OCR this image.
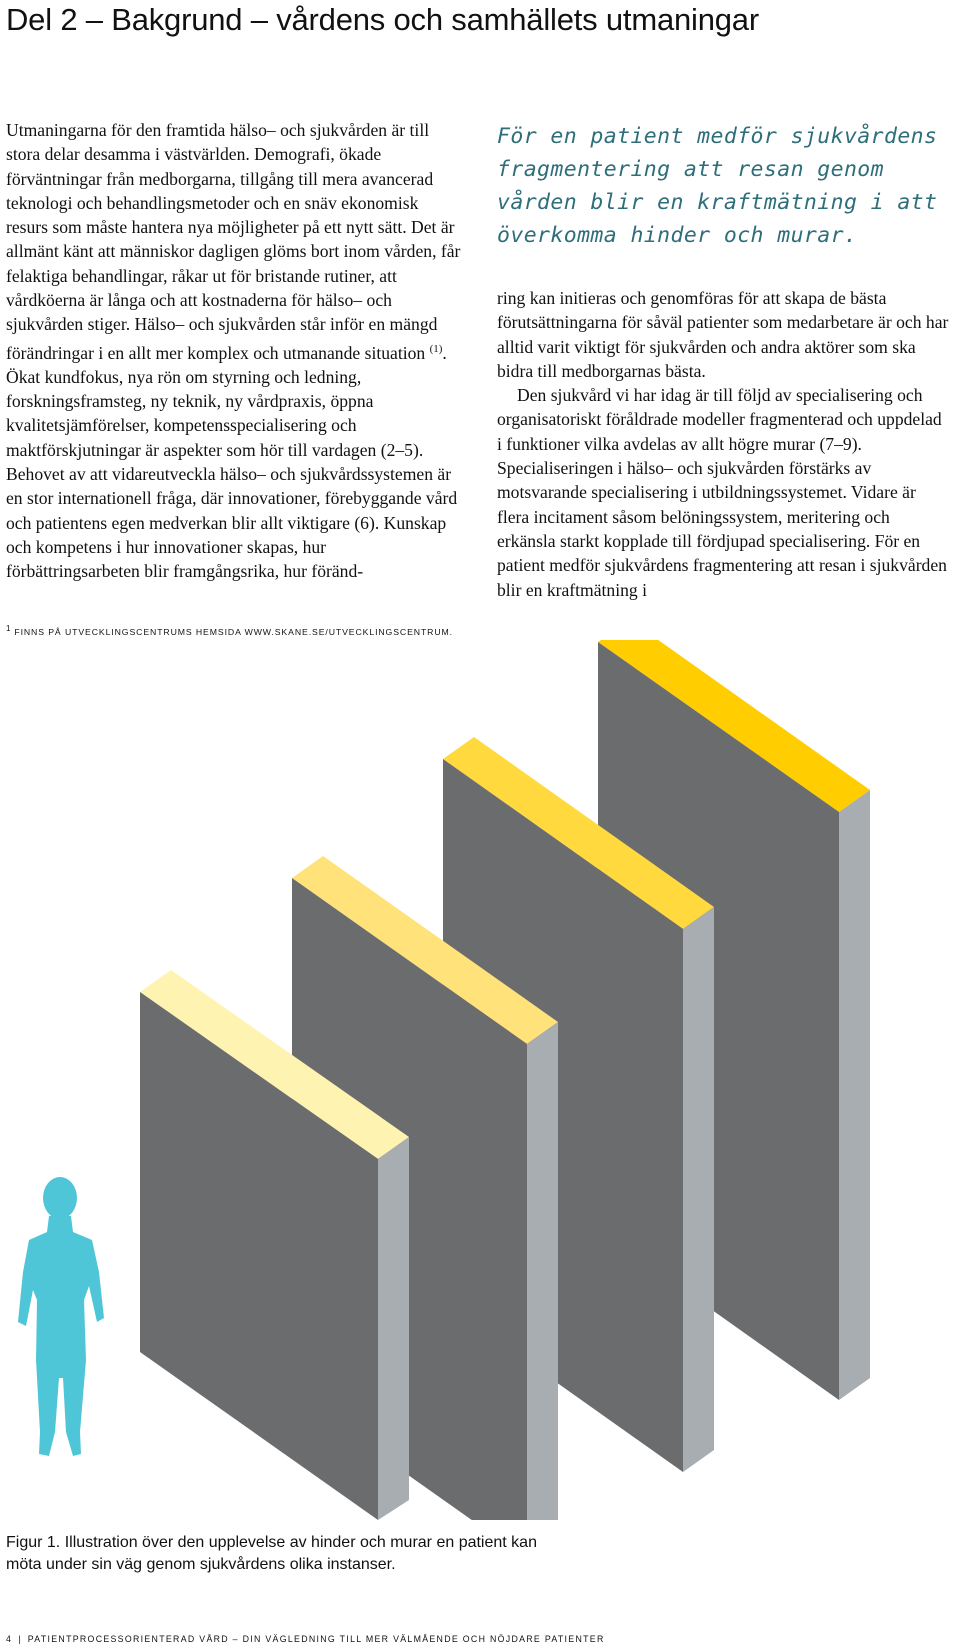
Del 2 – Bakgrund – vårdens och samhällets utmaningar

Utmaningarna för den framtida hälso– och sjukvården är till stora delar desamma i västvärlden. Demografi, ökade förväntningar från medborgarna, tillgång till mera avancerad teknologi och behandlingsmetoder och en snäv ekonomisk resurs som måste hantera nya möjligheter på ett nytt sätt. Det är allmänt känt att människor dagligen glöms bort inom vården, får felaktiga behandlingar, råkar ut för bristande rutiner, att vårdköerna är långa och att kostnaderna för hälso– och sjukvården stiger. Hälso– och sjukvården står inför en mängd förändringar i en allt mer komplex och utmanande situation $^{(1)}$. Ökat kundfokus, nya rön om styrning och ledning, forskningsframsteg, ny teknik, ny vårdpraxis, öppna kvalitetsjämförelser, kompetensspecialisering och maktförskjutningar är aspekter som hör till vardagen (2–5). Behovet av att vidareutveckla hälso– och sjukvårdssystemen är en stor internationell fråga, där innovationer, förebyggande vård och patientens egen medverkan blir allt viktigare (6). Kunskap och kompetens i hur innovationer skapas, hur förbättringsarbeten blir framgångsrika, hur föränd-

För en patient medför sjukvårdens fragmentering att resan genom vården blir en kraftmätning i att överkomma hinder och murar.

ring kan initieras och genomföras för att skapa de bästa förutsättningarna för såväl patienter som medarbetare är och har alltid varit viktigt för sjukvården och andra aktörer som ska bidra till medborgarnas bästa.

Den sjukvård vi har idag är till följd av specialisering och organisatoriskt föråldrade modeller fragmenterad och uppdelad i funktioner vilka avdelas av allt högre murar (7–9). Specialiseringen i hälso– och sjukvården förstärks av motsvarande specialisering i utbildningssystemet. Vidare är flera incitament såsom belöningssystem, meritering och erkänsla starkt kopplade till fördjupad specialisering. För en patient medför sjukvårdens fragmentering att resan i sjukvården blir en kraftmätning i

$^1$ FINNS PÅ UTVECKLINGSCENTRUMS HEMSIDA WWW.SKANE.SE/UTVECKLINGSCENTRUM.
Figur 1. Illustration över den upplevelse av hinder och murar en patient kan möta under sin väg genom sjukvårdens olika instanser.
4 | PATIENTPROCESSORIENTERAD VÅRD – DIN VÄGLEDNING TILL MER VÄLMÅENDE OCH NÖJDARE PATIENTER
